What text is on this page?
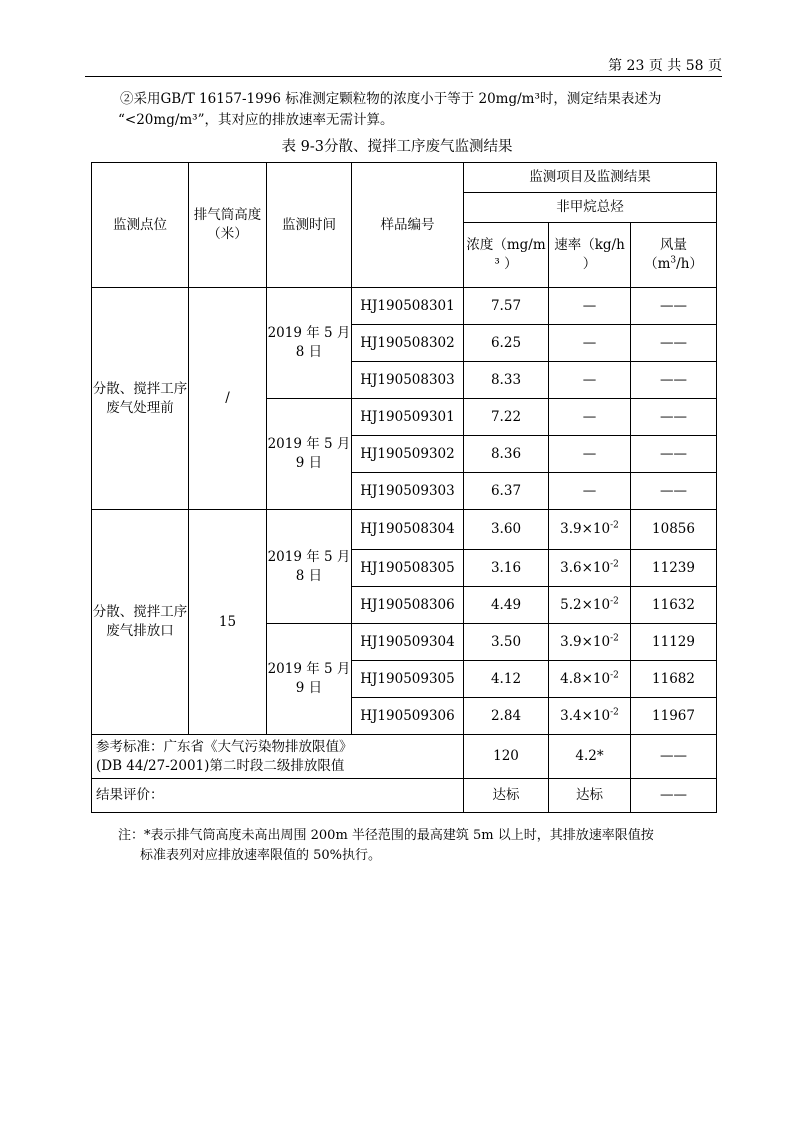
第 23 页 共 58 页
②采用GB/T 16157-1996 标准测定颗粒物的浓度小于等于 20mg/m³时，测定结果表述为
“<20mg/m³”，其对应的排放速率无需计算。
表 9-3分散、搅拌工序废气监测结果
监测点位	排气筒高度（米）	监测时间	样品编号	监测项目及监测结果		
				非甲烷总烃		
				浓度（mg/m ³ ）	速率（kg/h ）	风量$(m^3/h)$
分散、搅拌工序废气处理前	/	2019 年 5 月 8 日	HJ190508301	7.57	—	——
			HJ190508302	6.25	—	——
			HJ190508303	8.33	—	——
		2019 年 5 月 9 日	HJ190509301	7.22	—	——
			HJ190509302	8.36	—	——
			HJ190509303	6.37	—	——
分散、搅拌工序废气排放口	15	2019 年 5 月 8 日	HJ190508304	3.60	$3.9\times 10^{-2}$	10856
			HJ190508305	3.16	$3.6\times 10^{-2}$	11239
			HJ190508306	4.49	$5.2\times 10^{-2}$	11632
		2019 年 5 月 9 日	HJ190509304	3.50	$3.9\times 10^{-2}$	11129
			HJ190509305	4.12	$4.8\times 10^{-2}$	11682
			HJ190509306	2.84	$3.4\times 10^{-2}$	11967

参考标准：广东省《大气污染物排放限值》
(DB 44/27-2001)第二时段二级排放限值				120	4.2*	——
结果评价：				达标	达标	——
注：*表示排气筒高度未高出周围 200m 半径范围的最高建筑 5m 以上时，其排放速率限值按
标准表列对应排放速率限值的 50%执行。
